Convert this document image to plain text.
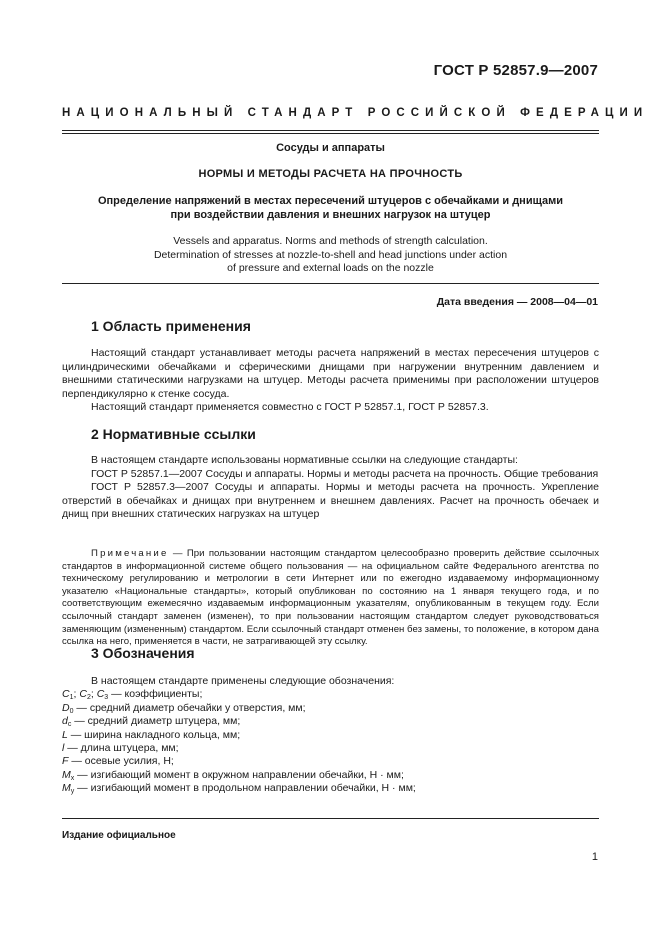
ГОСТ Р 52857.9—2007
НАЦИОНАЛЬНЫЙ СТАНДАРТ РОССИЙСКОЙ ФЕДЕРАЦИИ
Сосуды и аппараты
НОРМЫ И МЕТОДЫ РАСЧЕТА НА ПРОЧНОСТЬ
Определение напряжений в местах пересечений штуцеров с обечайками и днищами
при воздействии давления и внешних нагрузок на штуцер
Vessels and apparatus. Norms and methods of strength calculation.
Determination of stresses at nozzle-to-shell and head junctions under action
of pressure and external loads on the nozzle
Дата введения — 2008—04—01
1 Область применения

Настоящий стандарт устанавливает методы расчета напряжений в местах пересечения штуцеров с цилиндрическими обечайками и сферическими днищами при нагружении внутренним давлением и внешними статическими нагрузками на штуцер. Методы расчета применимы при расположении штуцеров перпендикулярно к стенке сосуда.

Настоящий стандарт применяется совместно с ГОСТ Р 52857.1, ГОСТ Р 52857.3.

2 Нормативные ссылки

В настоящем стандарте использованы нормативные ссылки на следующие стандарты:

ГОСТ Р 52857.1—2007 Сосуды и аппараты. Нормы и методы расчета на прочность. Общие требования

ГОСТ Р 52857.3—2007 Сосуды и аппараты. Нормы и методы расчета на прочность. Укрепление отверстий в обечайках и днищах при внутреннем и внешнем давлениях. Расчет на прочность обечаек и днищ при внешних статических нагрузках на штуцер

Примечание — При пользовании настоящим стандартом целесообразно проверить действие ссылочных стандартов в информационной системе общего пользования — на официальном сайте Федерального агентства по техническому регулированию и метрологии в сети Интернет или по ежегодно издаваемому информационному указателю «Национальные стандарты», который опубликован по состоянию на 1 января текущего года, и по соответствующим ежемесячно издаваемым информационным указателям, опубликованным в текущем году. Если ссылочный стандарт заменен (изменен), то при пользовании настоящим стандартом следует руководствоваться заменяющим (измененным) стандартом. Если ссылочный стандарт отменен без замены, то положение, в котором дана ссылка на него, применяется в части, не затрагивающей эту ссылку.

3 Обозначения
В настоящем стандарте применены следующие обозначения:
$C_1$; $C_2$; $C_3$ — коэффициенты;
$D_0$ — средний диаметр обечайки у отверстия, мм;
$d_c$ — средний диаметр штуцера, мм;
L — ширина накладного кольца, мм;
l — длина штуцера, мм;
F — осевые усилия, Н;
$M_x$ — изгибающий момент в окружном направлении обечайки, Н · мм;
$M_y$ — изгибающий момент в продольном направлении обечайки, Н · мм;
Издание официальное
1
